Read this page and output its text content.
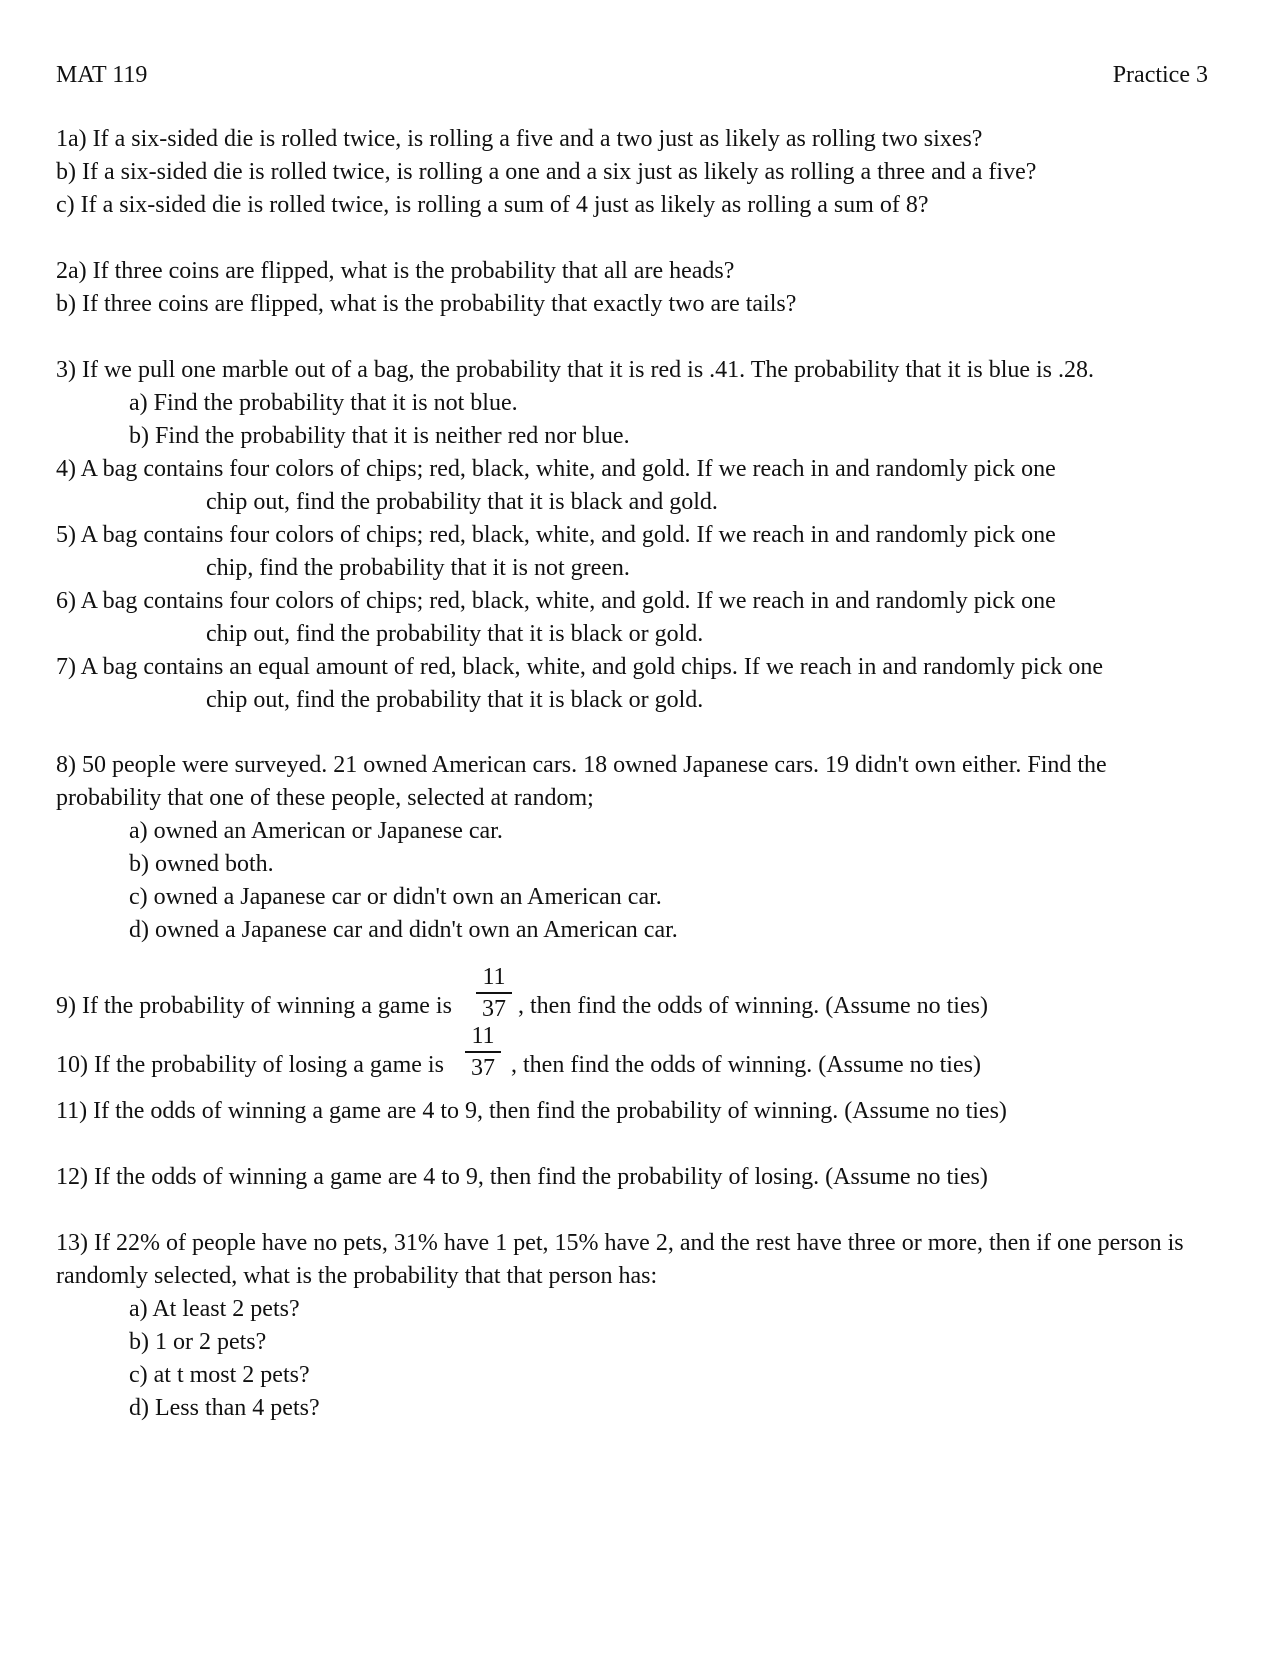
MAT 119	Practice 3
1a) If a six-sided die is rolled twice, is rolling a five and a two just as likely as rolling two sixes?
b) If a six-sided die is rolled twice, is rolling a one and a six just as likely as rolling a three and a five?
c) If a six-sided die is rolled twice, is rolling a sum of 4 just as likely as rolling a sum of 8?
2a) If three coins are flipped, what is the probability that all are heads?
b) If three coins are flipped, what is the probability that exactly two are tails?
3) If we pull one marble out of a bag, the probability that it is red is .41. The probability that it is blue is .28.
a) Find the probability that it is not blue.
b) Find the probability that it is neither red nor blue.
4) A bag contains four colors of chips; red, black, white, and gold. If we reach in and randomly pick one
chip out, find the probability that it is black and gold.
5) A bag contains four colors of chips; red, black, white, and gold. If we reach in and randomly pick one
chip, find the probability that it is not green.
6) A bag contains four colors of chips; red, black, white, and gold. If we reach in and randomly pick one
chip out, find the probability that it is black or gold.
7) A bag contains an equal amount of red, black, white, and gold chips. If we reach in and randomly pick one
chip out, find the probability that it is black or gold.
8) 50 people were surveyed. 21 owned American cars. 18 owned Japanese cars. 19 didn't own either. Find the
probability that one of these people, selected at random;
a) owned an American or Japanese car.
b) owned both.
c) owned a Japanese car or didn't own an American car.
d) owned a Japanese car and didn't own an American car.
9) If the probability of winning a game is
11
37 , then find the odds of winning. (Assume no ties)
10) If the probability of losing a game is
11
37 , then find the odds of winning. (Assume no ties)
11) If the odds of winning a game are 4 to 9, then find the probability of winning. (Assume no ties)
12) If the odds of winning a game are 4 to 9, then find the probability of losing. (Assume no ties)
13) If 22% of people have no pets, 31% have 1 pet, 15% have 2, and the rest have three or more, then if one person is
randomly selected, what is the probability that that person has:
a) At least 2 pets?
b) 1 or 2 pets?
c) at t most 2 pets?
d) Less than 4 pets?
